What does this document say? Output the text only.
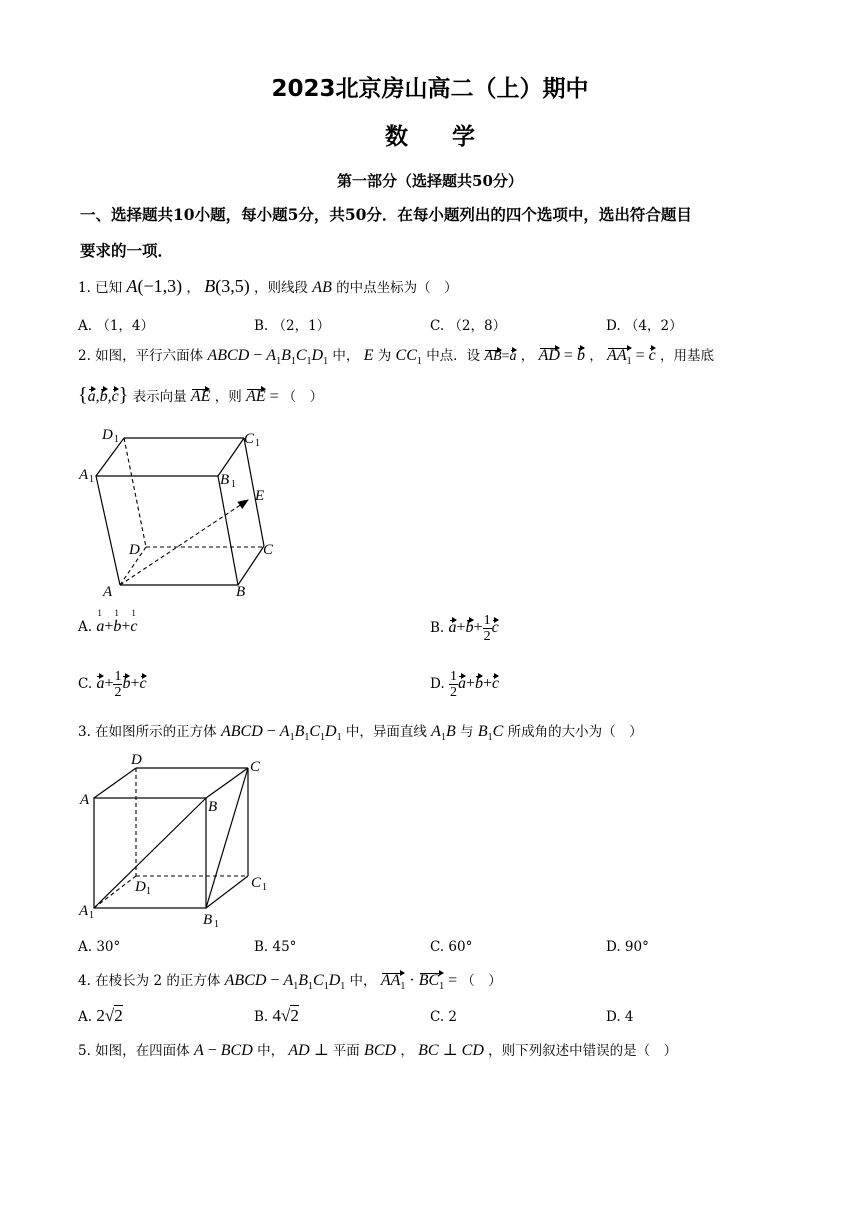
2023北京房山高二（上）期中
数学
第一部分（选择题共50分）
一、选择题共10小题，每小题5分，共50分．在每小题列出的四个选项中，选出符合题目
要求的一项．
1. 已知 A(−1,3) ， B(3,5) ，则线段 AB 的中点坐标为（　）
A. （1，4）	B. （2，1）	C. （2，8）	D. （4，2）
2. 如图，平行六面体 ABCD − $A_1B_1C_1D_1$ 中， E 为 $CC_1$ 中点．设 AB=a ， AD = b ， $AA_1 = c$ ，用基底
{a,b,c} 表示向量 AE ，则 AE = （　）
D 1	C 1
A 1	B 1
E
D	C
A	B
A.
1
a+
1
b+
1
c	B. $a+b+ \frac{1}{2}$ c
C. $a+ \frac{1}{2} b+c$	D. $\frac{1}{2} a+b+c$
3. 在如图所示的正方体 ABCD − $A_1B_1C_1D_1$ 中，异面直线 $A_1B$ 与 $B_1C$ 所成角的大小为（　）
D	C
A	B
D 1
C 1
A 1	B 1
A. 30°	B. 45°	C. 60°	D. 90°
4. 在棱长为 2 的正方体 ABCD − $A_1B_1C_1D_1$ 中， $AA_1 \cdot BC_1$ = （　）
A. 2√2	B. 4√2	C. 2	D. 4
5. 如图，在四面体 A − BCD 中， AD ⊥ 平面 BCD ， BC ⊥ CD ，则下列叙述中错误的是（　）
